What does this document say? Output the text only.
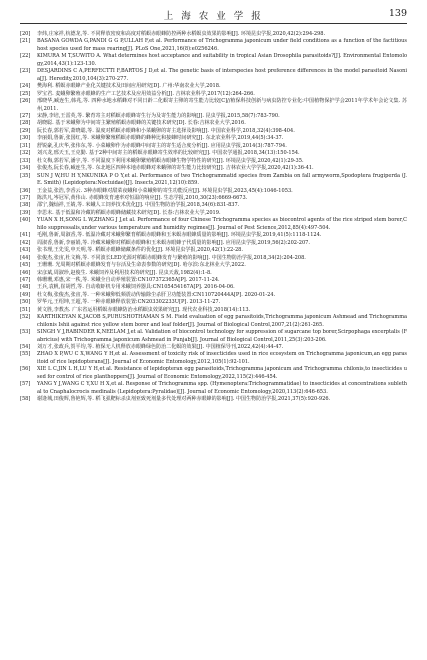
上 海 农 业 学 报	139
[20] 李炜,庄家祥,杭德龙,等. 不同释放密度和高度对稻螟赤眼蜂防控两种水稻螟虫效果的影响[J]. 环境昆虫学报,2020,42(2):294-298.
[21] BASANA GOWDA G,PANDI G G P,ULLAH F,et al. Performance of Trichogramma japonicum under field conditions as a function of the factitious host species used for mass rearing[J]. PLoS One,2021,16(8):e0256246.
[22] KIMURA M T,SUWITO A. What determines host acceptance and suitability in tropical Asian Drosophila parasitoids?[J]. Environmental Entomology,2014,43(1):123-130.
[23] DESJARDINS C A,PERFECTTI F,BARTOS J D,et al. The genetic basis of interspecies host preference differences in the model parasitoid Nasonia[J]. Heredity,2010,104(3):270-277.
[24] 樊海利. 稻螟赤眼蜂产业化关键技术及田间应用研究[D]. 广州:华南农业大学,2018.
[25] 罗宝君. 麦蛾卵繁殖赤眼蜂的生产工艺技术及应用效益分析[J]. 吉林农业科学,2017(12):264-266.
[26] 邢晓华,臧连生,韩兆,等. 四种水地水稻蜂对不同日龄二化螟寄主卵的寄生能力比较[C]//植保科技创新与病虫防控专业化:中国植物保护学会2011年学术年会论文集. 苏州,2011.
[27] 宋静,李培,王雷英,等. 繁育寄主对稻螟赤眼蜂寄生行为及寄生能力的影响[J]. 昆虫学报,2015,58(7):783-790.
[28] 胡晓聪. 基于米蛾卵为中间寄主繁殖稻螟赤眼蜂的关键技术研究[D]. 长春:吉林农业大学,2016.
[29] 阮长春,郭若军,萧晓聪,等. 温度对稻螟赤眼蜂和小菜蛾卵的寄主选择及影响[J]. 中国农业科学,2018,32(4):398-404.
[30] 李丽娟,鲁新,张国红,等. 米蛾卵繁殖稻螟赤眼蜂的蜂种比和接蜂时间研究[J]. 东北农业科学,2019,44(5):34-37.
[31] 舒锐豪,孔庆华,张伟东,等. 小菜蛾卵作为赤眼蜂中间寄主的寄生适合度分析[J]. 应用昆虫学报,2014(3):787-794.
[32] 刘兴龙,邢天玉,王克勤. 基于2种中间寄主的稻螟赤眼蜂寄生效率的比较研究[J]. 中国农学通报,2018,34(13):150-154.
[33] 杜文梅,郭若军,潘宇,等. 不同温度下利用米蛾卵繁殖稻螟赤眼蜂生物学特性的研究[J]. 环境昆虫学报,2020,42(1):29-35.
[34] 张俊杰,阮长春,臧连生,等. 东北地区四种本地赤眼蜂对米蛾卵的寄生能力比较研究[J]. 吉林农业大学学报,2020,42(1):36-41.
[35] SUN J W,HU H Y,NKUNIKA P O Y,et al. Performance of two Trichogrammatid species from Zambia on fall armyworm,Spodoptera frugiperda (J. E. Smith) (Lepidoptera:Noctuidae)[J]. Insects,2021,12(10):859.
[36] 王金益,张浩,李香云. 3种赤眼蜂对甜菜夜蛾和小菜蛾卵的寄生功能反应[J]. 环境昆虫学报,2023,45(4):1046-1053.
[37] 陈洪凡,岑冠军,黄伟山. 赤眼蜂发育速率对恒温的响应[J]. 生态学报,2010,30(23):6669-6673.
[38] 邵宁,魏灿祥,王婧,等. 米蛾人工饲养技术优化[J]. 中国生物防治学报,2018,34(6):831-837.
[39] 李思未. 基于低温和冷藏的稻螟赤眼蜂储藏技术研究[D]. 长春:吉林农业大学,2019.
[40] YUAN X H,SONG L W,ZHANG J J,et al. Performance of four Chinese Trichogramma species as biocontrol agents of the rice striped stem borer,Chilo suppressalis,under various temperature and humidity regimes[J]. Journal of Pest Science,2012,85(4):497-504.
[41] 毛刚,鲁新,周淑香,等. 低温冷藏对米蛾卵繁育稻螟赤眼蜂和玉米螟赤眼蜂质量的影响[J]. 环境昆虫学报,2019,41(5):1118-1124.
[42] 周淑香,鲁新,李丽娟,等. 冷藏米蛾卵对稻螟赤眼蜂和玉米螟赤眼蜂子代质量的影响[J]. 应用昆虫学报,2019,56(2):202-207.
[43] 张书理,王先雯,申天明,等. 稻螟赤眼蜂储藏条件的优化[J]. 环境昆虫学报,2020,42(1):22-28.
[44] 张俊杰,张宙,杜文梅,等. 不同波长LED光源对稻螟赤眼蜂发育与繁殖的影响[J]. 中国生物防治学报,2018,34(2):204-208.
[45] 王珊珊. 光周期对稻螟赤眼蜂发育与存活及生命表参数的研究[D]. 哈尔滨:东北林业大学,2022.
[46] 宋彦斌,周淑珍,赵俊生. 米蛾饲养及利用技术的研究[J]. 昆虫天敌,1982(4):1-8.
[47] 韩珊珊,邓惠,宋一秩,等. 米蛾全自动养殖装置:CN107372365A[P]. 2017-11-24.
[48] 王兵,袁帆,崔胡哲,等. 自动收虾机专用米蛾饲养器具:CN105454167A[P]. 2016-04-06.
[49] 杜文梅,张俊杰,张宙,等. 一种米蛾卵低频震动传输除尘杀肝卫功能装置:CN110720444A[P]. 2020-01-24.
[50] 罗华元,王绍坤,王超,等. 一种赤眼蜂释放装置:CN203302233U[P]. 2013-11-27.
[51] 黄文胜,李教杰. 广东省运用稻螟赤眼蜂防治水稻螟虫效果研究[J]. 现代农业科技,2018(14):113.
[52] KARTHIKEYAN K,JACOB S,PURUSHOTHAMAN S M. Field evaluation of egg parasitoids,Trichogramma japonicum Ashmead and Trichogramma chilonis Ishii against rice yellow stem borer and leaf folder[J]. Journal of Biological Control,2007,21(2):261-265.
[53] SINGH V J,RABINDER K,NEELAM J,et al. Validation of biocontrol technology for suppression of sugarcane top borer,Scirpophaga excerptalis (Fabricius) with Trichogramma japonicum Ashmead in Punjab[J]. Journal of Biological Control,2011,25(3):203-206.
[54] 刘万才,张政兵,贺平均,等. 植保无人机释放赤眼蜂绿色防治二化螟的效果[J]. 中国植保导刊,2022,42(4):44-47.
[55] ZHAO X P,WU C X,WANG Y H,et al. Assessment of toxicity risk of insecticides used in rice ecosystem on Trichogramma japonicum,an egg parasitoid of rice lepidopterans[J]. Journal of Economic Entomology,2012,105(1):92-101.
[56] XIE L C,JIN L H,LU Y H,et al. Resistance of lepidopteran egg parasitoids,Trichogramma japonicum and Trichogramma chilonis,to insecticides used for control of rice planthoppers[J]. Journal of Economic Entomology,2022,115(2):446-454.
[57] YANG Y J,WANG C Y,XU H X,et al. Response of Trichogramma spp. (Hymenoptera:Trichogrammatidae) to insecticides at concentrations sublethal to Cnaphalocrocis medinalis (Lepidoptera:Pyralidae)[J]. Journal of Economic Entomology,2020,113(2):646-653.
[58] 谢逢城,田俊辉,鲁艳辉,等. 稻飞虱靶标杀虫剂亚致死剂量多代处理对两种赤眼蜂的影响[J]. 中国生物防治学报,2021,37(5):920-926.
